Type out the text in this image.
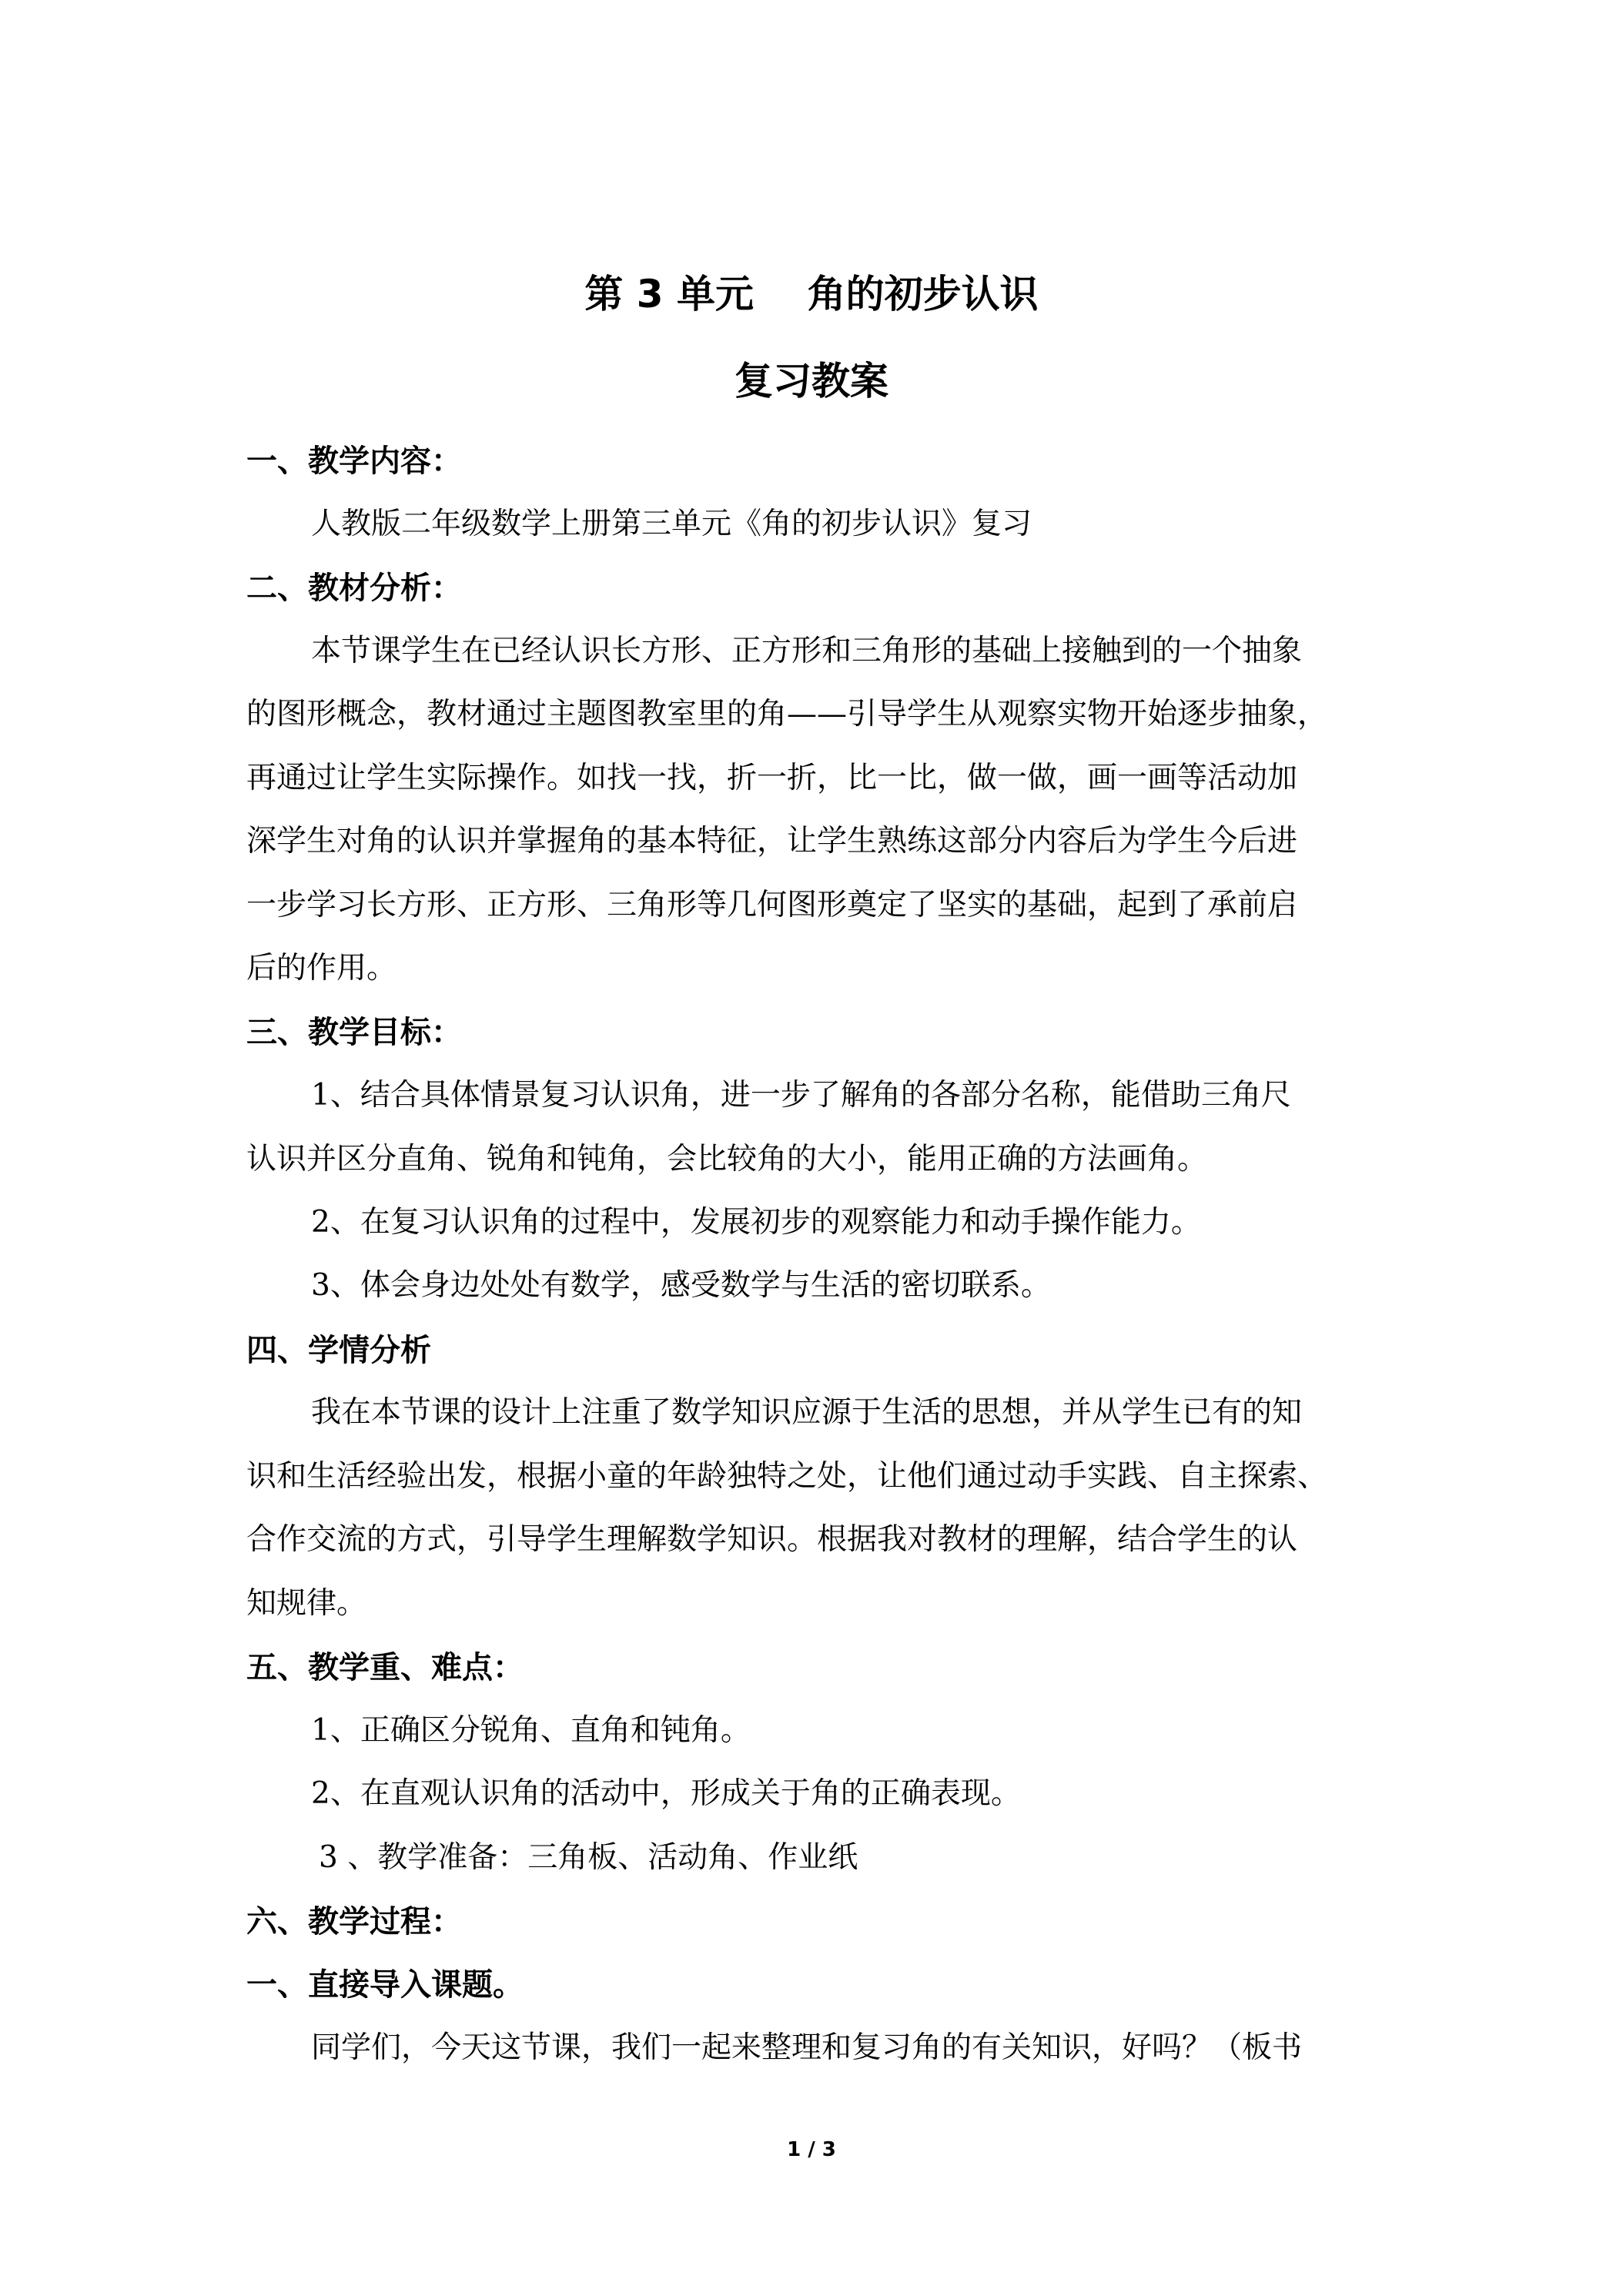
第 3 单元    角的初步认识
复习教案
一、教学内容：
人教版二年级数学上册第三单元《角的初步认识》复习
二、教材分析：
本节课学生在已经认识长方形、正方形和三角形的基础上接触到的一个抽象
的图形概念，教材通过主题图教室里的角——引导学生从观察实物开始逐步抽象，
再通过让学生实际操作。如找一找，折一折，比一比，做一做，画一画等活动加
深学生对角的认识并掌握角的基本特征，让学生熟练这部分内容后为学生今后进
一步学习长方形、正方形、三角形等几何图形奠定了坚实的基础，起到了承前启
后的作用。
三、教学目标：
1、结合具体情景复习认识角，进一步了解角的各部分名称，能借助三角尺
认识并区分直角、锐角和钝角，会比较角的大小，能用正确的方法画角。
2、在复习认识角的过程中，发展初步的观察能力和动手操作能力。
3、体会身边处处有数学，感受数学与生活的密切联系。
四、学情分析
我在本节课的设计上注重了数学知识应源于生活的思想，并从学生已有的知
识和生活经验出发，根据小童的年龄独特之处，让他们通过动手实践、自主探索、
合作交流的方式，引导学生理解数学知识。根据我对教材的理解，结合学生的认
知规律。
五、教学重、难点：
1、正确区分锐角、直角和钝角。
2、在直观认识角的活动中，形成关于角的正确表现。
3 、教学准备：三角板、活动角、作业纸
六、教学过程：
一、直接导入课题。
同学们，今天这节课，我们一起来整理和复习角的有关知识，好吗？（板书
1 / 3
